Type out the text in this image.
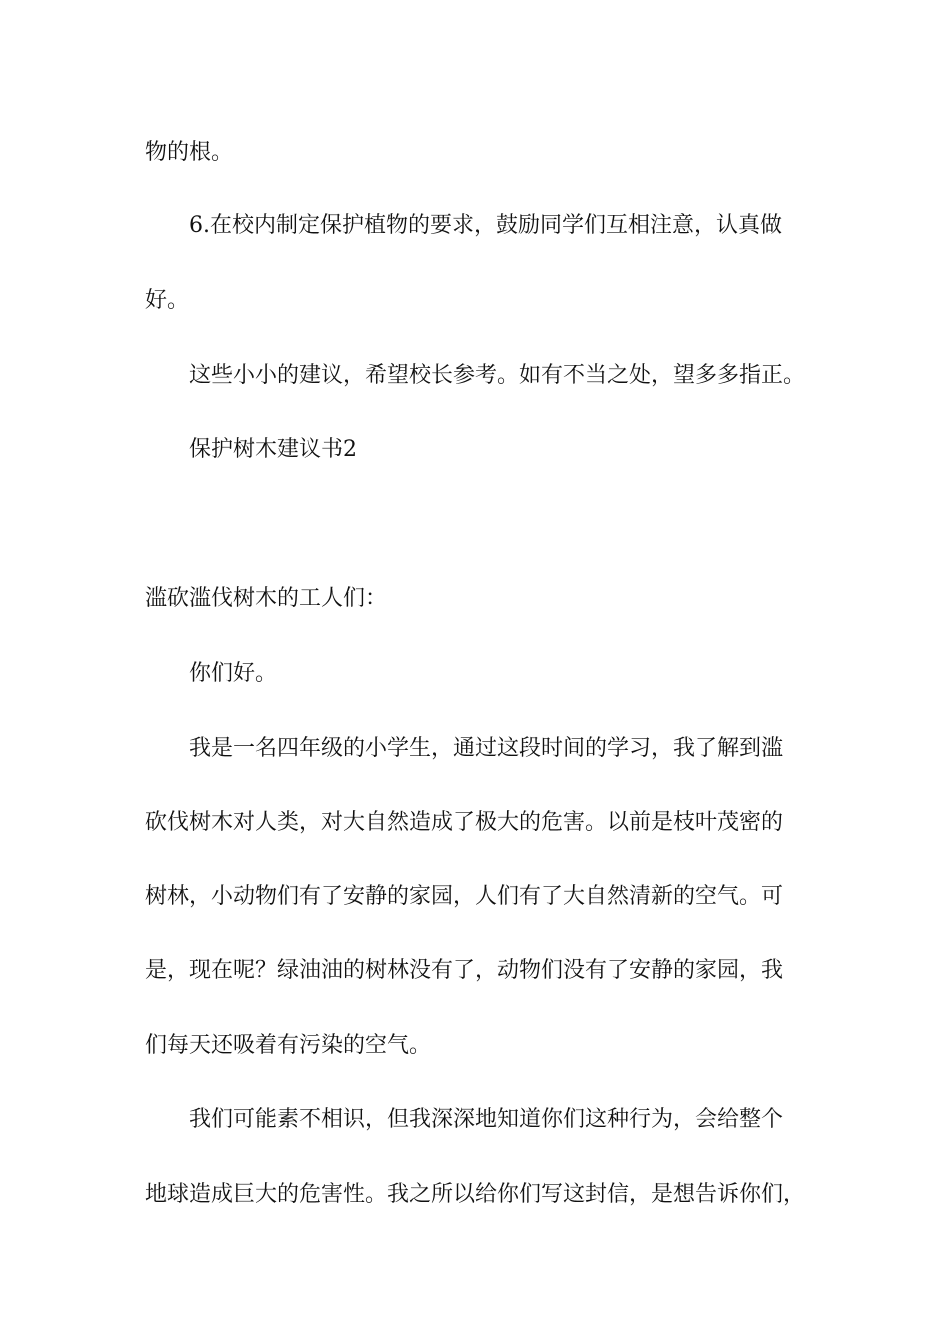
物的根。

6.在校内制定保护植物的要求，鼓励同学们互相注意，认真做

好。

这些小小的建议，希望校长参考。如有不当之处，望多多指正。

保护树木建议书2

滥砍滥伐树木的工人们：

你们好。

我是一名四年级的小学生，通过这段时间的学习，我了解到滥

砍伐树木对人类，对大自然造成了极大的危害。以前是枝叶茂密的

树林，小动物们有了安静的家园，人们有了大自然清新的空气。可

是，现在呢？绿油油的树林没有了，动物们没有了安静的家园，我

们每天还吸着有污染的空气。

我们可能素不相识，但我深深地知道你们这种行为，会给整个

地球造成巨大的危害性。我之所以给你们写这封信，是想告诉你们，
